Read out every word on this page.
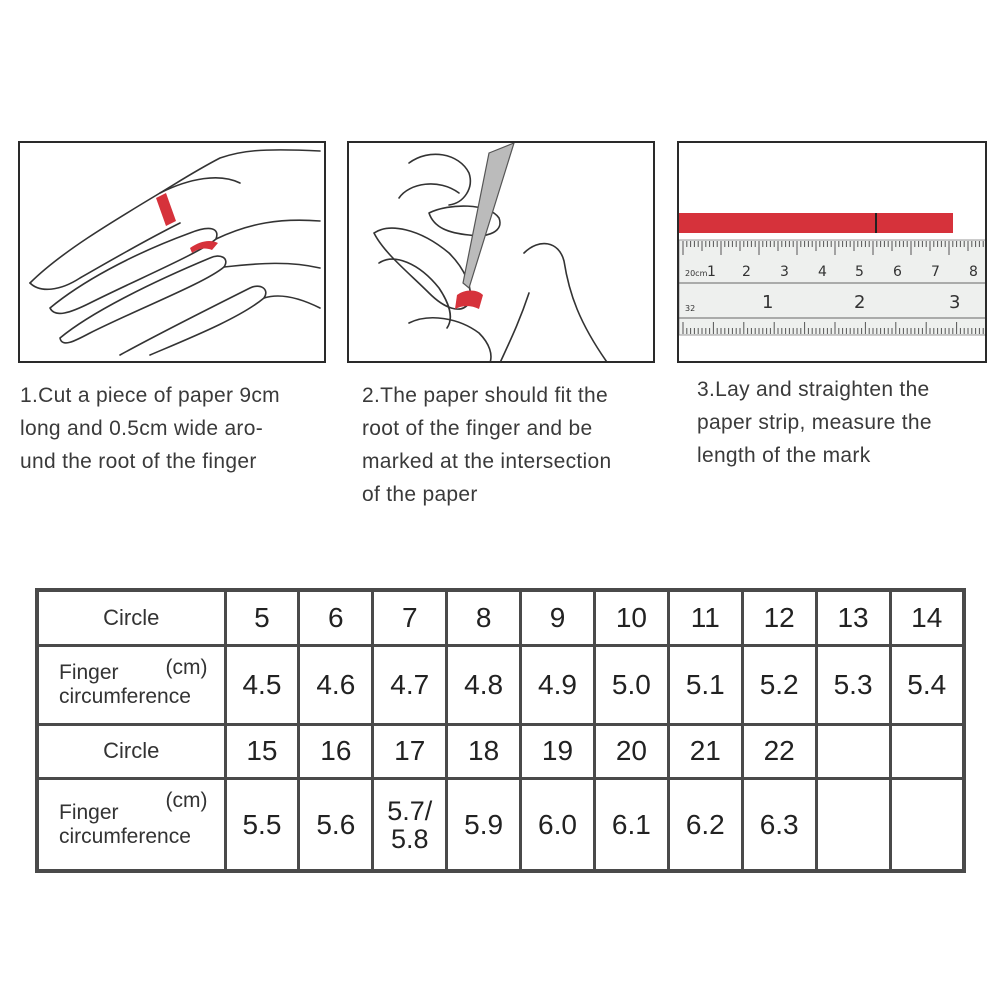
20cm 1 2 3 4 5 6 7 8
32	1	2	3
1.Cut a piece of paper 9cm
long and 0.5cm wide aro-
und the root of the finger
2.The paper should fit the
root of the finger and be
marked at the intersection
of the paper
3.Lay and straighten the
paper strip, measure the
length of the mark
Circle	5	6	7	8	9	10	11	12	13	14
Finger (cm)

circumference	4.5	4.6	4.7	4.8	4.9	5.0	5.1	5.2	5.3	5.4
Circle	15	16	17	18	19	20	21	22		
Finger (cm)

circumference	5.5	5.6	5.7/
5.8	5.9	6.0	6.1	6.2	6.3		
